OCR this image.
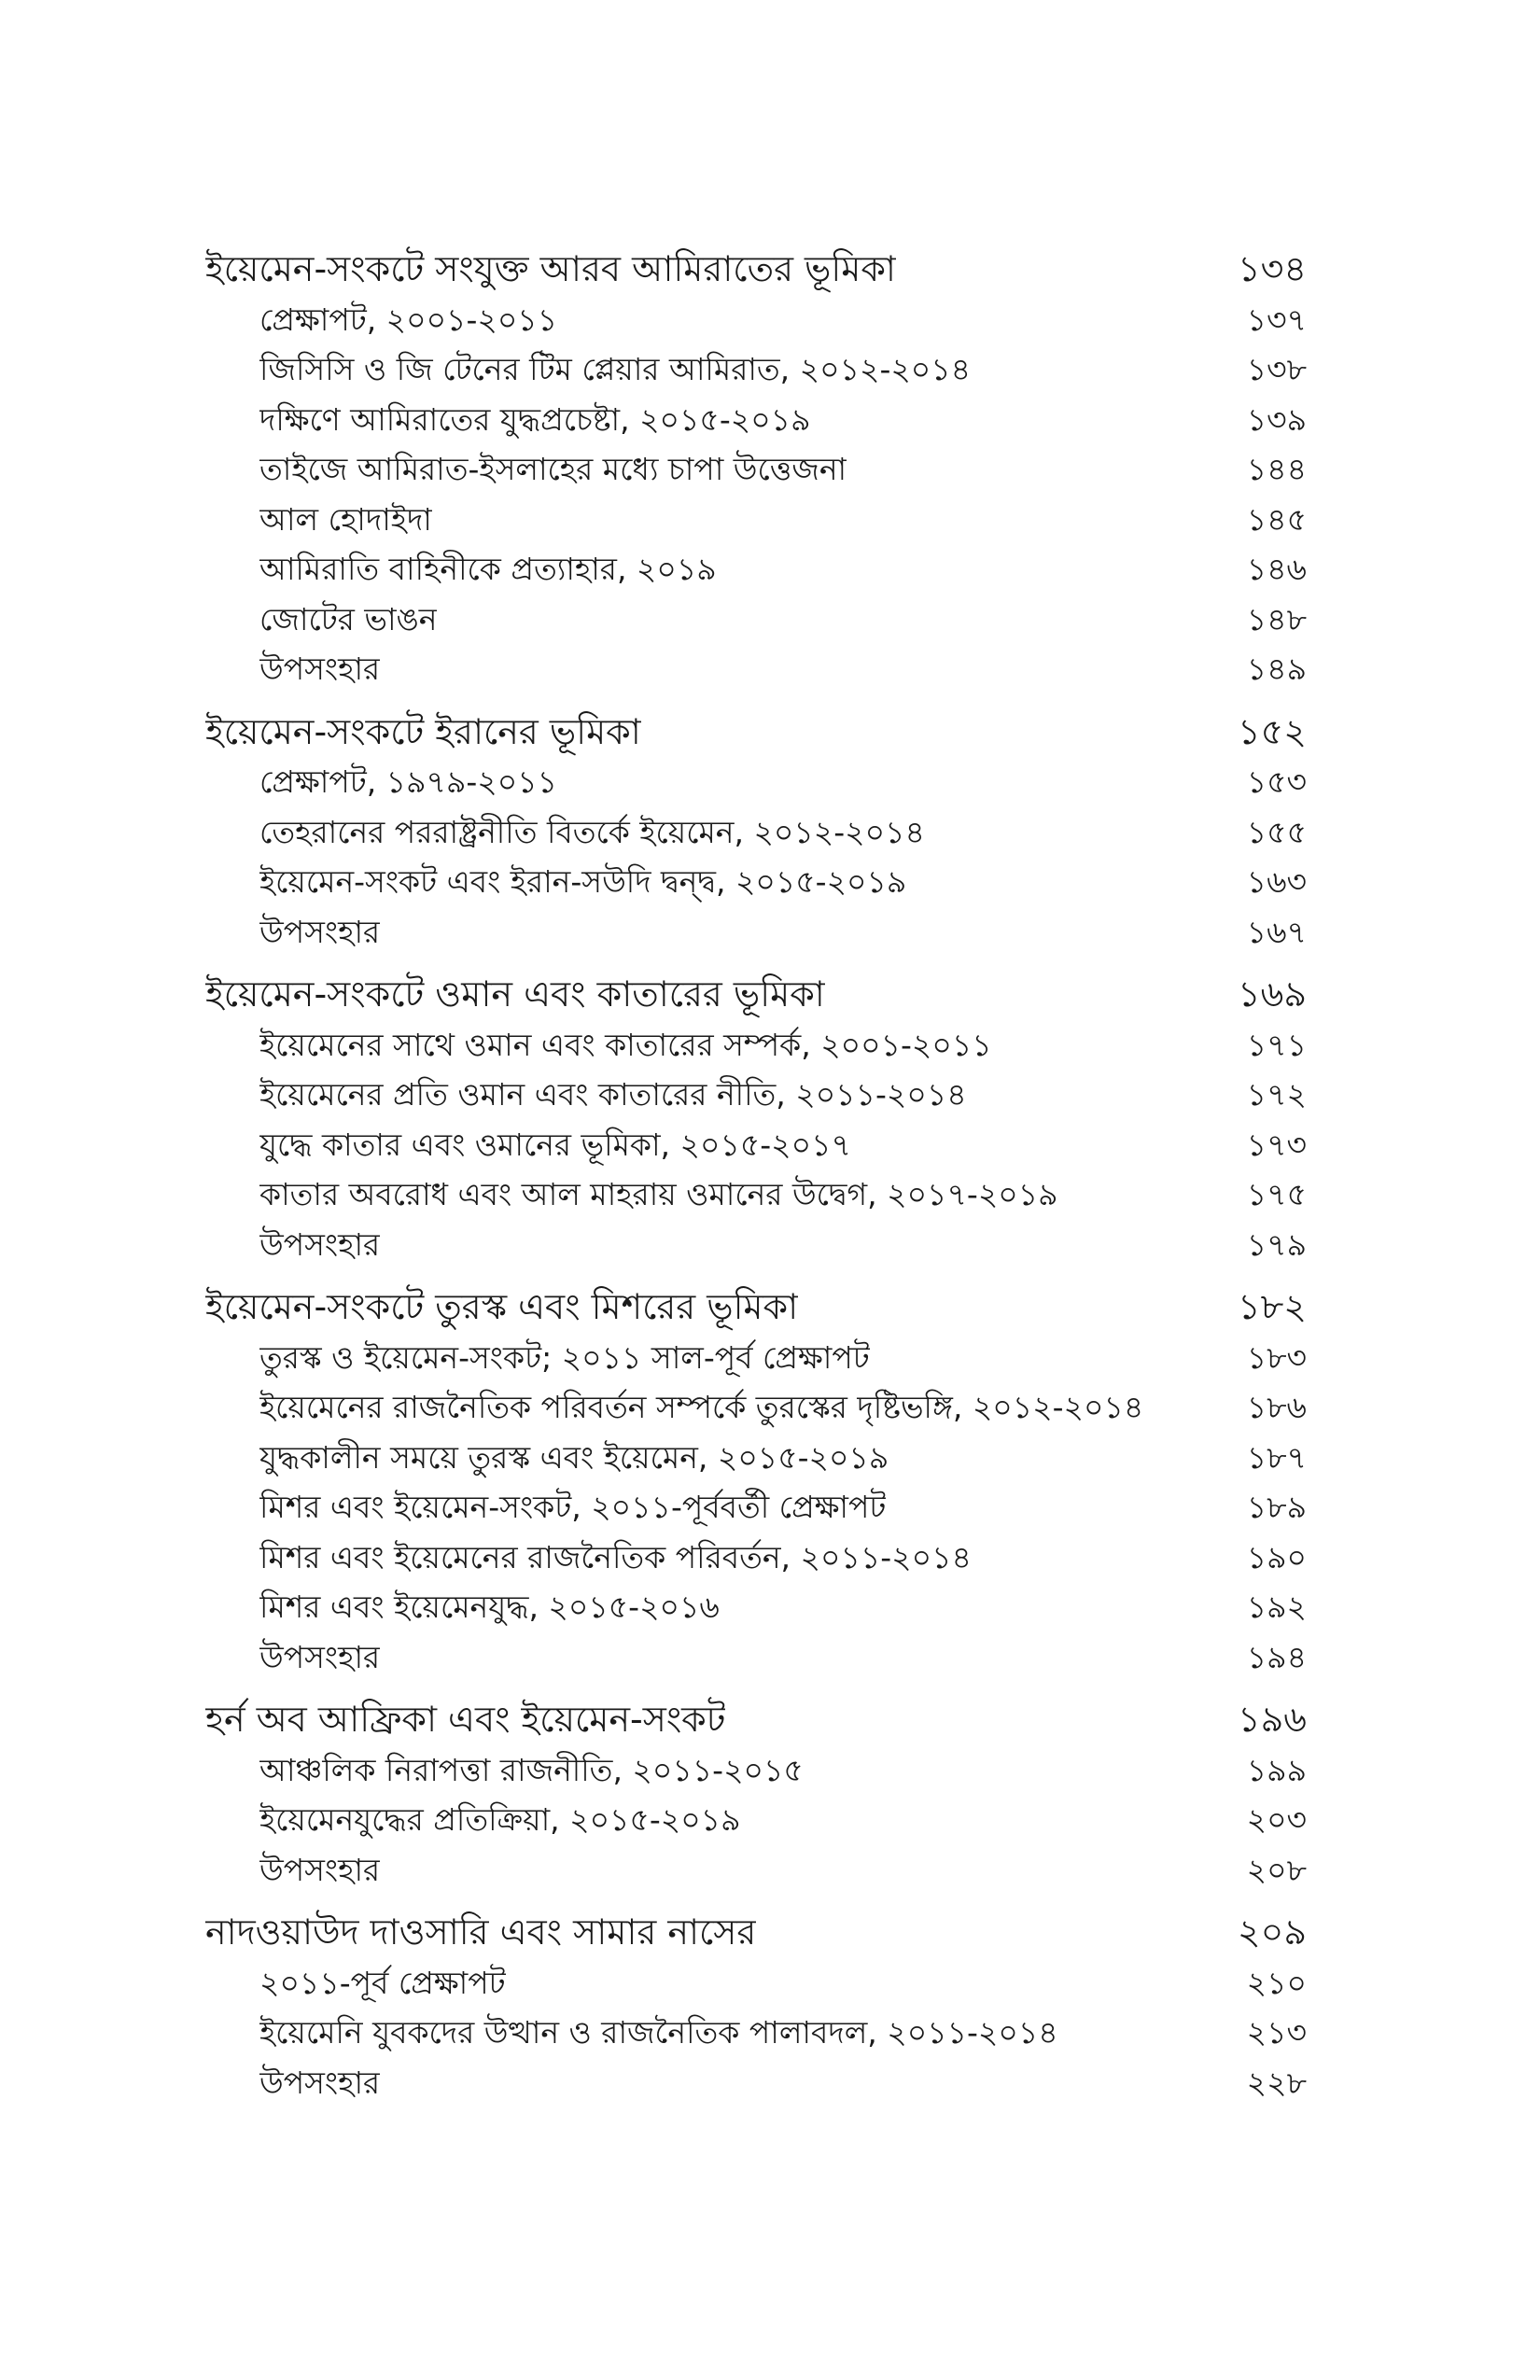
ইয়েমেন-সংকটে সংযুক্ত আরব আমিরাতের ভূমিকা	১৩৪
প্রেক্ষাপট, ২০০১-২০১১	১৩৭
জিসিসি ও জি টেনের টিম প্লেয়ার আমিরাত, ২০১২-২০১৪	১৩৮
দক্ষিণে আমিরাতের যুদ্ধপ্রচেষ্টা, ২০১৫-২০১৯	১৩৯
তাইজে আমিরাত-ইসলাহের মধ্যে চাপা উত্তেজনা	১৪৪
আল হোদাইদা	১৪৫
আমিরাতি বাহিনীকে প্রত্যাহার, ২০১৯	১৪৬
জোটের ভাঙন	১৪৮
উপসংহার	১৪৯
ইয়েমেন-সংকটে ইরানের ভূমিকা	১৫২
প্রেক্ষাপট, ১৯৭৯-২০১১	১৫৩
তেহরানের পররাষ্ট্রনীতি বিতর্কে ইয়েমেন, ২০১২-২০১৪	১৫৫
ইয়েমেন-সংকট এবং ইরান-সউদি দ্বন্দ্ব, ২০১৫-২০১৯	১৬৩
উপসংহার	১৬৭
ইয়েমেন-সংকটে ওমান এবং কাতারের ভূমিকা	১৬৯
ইয়েমেনের সাথে ওমান এবং কাতারের সম্পর্ক, ২০০১-২০১১	১৭১
ইয়েমেনের প্রতি ওমান এবং কাতারের নীতি, ২০১১-২০১৪	১৭২
যুদ্ধে কাতার এবং ওমানের ভূমিকা, ২০১৫-২০১৭	১৭৩
কাতার অবরোধ এবং আল মাহরায় ওমানের উদ্বেগ, ২০১৭-২০১৯	১৭৫
উপসংহার	১৭৯
ইয়েমেন-সংকটে তুরস্ক এবং মিশরের ভূমিকা	১৮২
তুরস্ক ও ইয়েমেন-সংকট; ২০১১ সাল-পূর্ব প্রেক্ষাপট	১৮৩
ইয়েমেনের রাজনৈতিক পরিবর্তন সম্পর্কে তুরস্কের দৃষ্টিভঙ্গি, ২০১২-২০১৪	১৮৬
যুদ্ধকালীন সময়ে তুরস্ক এবং ইয়েমেন, ২০১৫-২০১৯	১৮৭
মিশর এবং ইয়েমেন-সংকট, ২০১১-পূর্ববর্তী প্রেক্ষাপট	১৮৯
মিশর এবং ইয়েমেনের রাজনৈতিক পরিবর্তন, ২০১১-২০১৪	১৯০
মিশর এবং ইয়েমেনযুদ্ধ, ২০১৫-২০১৬	১৯২
উপসংহার	১৯৪
হর্ন অব আফ্রিকা এবং ইয়েমেন-সংকট	১৯৬
আঞ্চলিক নিরাপত্তা রাজনীতি, ২০১১-২০১৫	১৯৯
ইয়েমেনযুদ্ধের প্রতিক্রিয়া, ২০১৫-২০১৯	২০৩
উপসংহার	২০৮
নাদওয়াউদ দাওসারি এবং সামার নাসের	২০৯
২০১১-পূর্ব প্রেক্ষাপট	২১০
ইয়েমেনি যুবকদের উত্থান ও রাজনৈতিক পালাবদল, ২০১১-২০১৪	২১৩
উপসংহার	২২৮
